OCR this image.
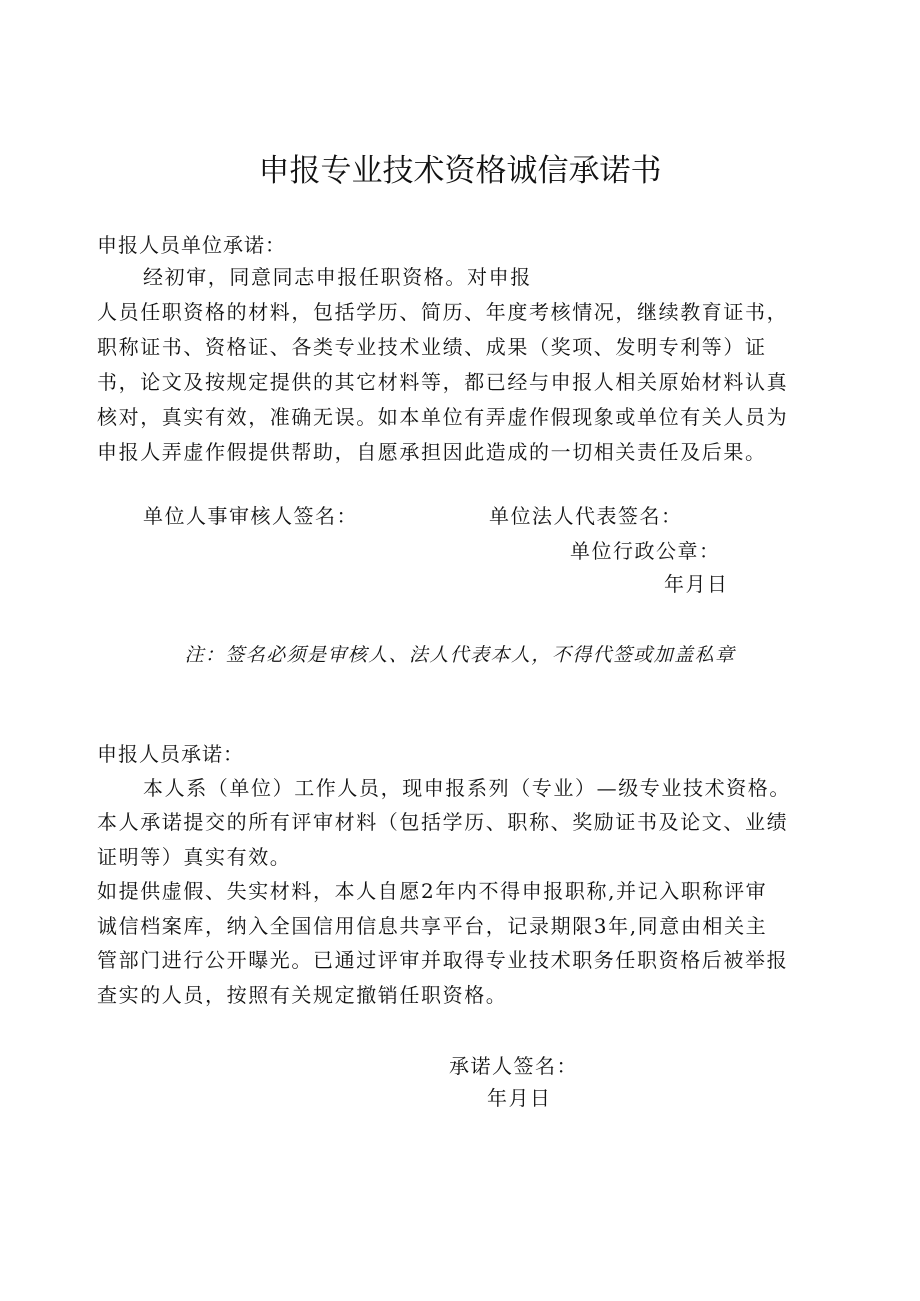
申报专业技术资格诚信承诺书
申报人员单位承诺：
经初审，同意同志申报任职资格。对申报
人员任职资格的材料，包括学历、简历、年度考核情况，继续教育证书，
职称证书、资格证、各类专业技术业绩、成果（奖项、发明专利等）证
书，论文及按规定提供的其它材料等，都已经与申报人相关原始材料认真
核对，真实有效，准确无误。如本单位有弄虚作假现象或单位有关人员为
申报人弄虚作假提供帮助，自愿承担因此造成的一切相关责任及后果。
单位人事审核人签名：	单位法人代表签名：
单位行政公章：
年月日
注：签名必须是审核人、法人代表本人，不得代签或加盖私章
申报人员承诺：
本人系（单位）工作人员，现申报系列（专业）—级专业技术资格。
本人承诺提交的所有评审材料（包括学历、职称、奖励证书及论文、业绩
证明等）真实有效。
如提供虚假、失实材料，本人自愿2年内不得申报职称,并记入职称评审
诚信档案库，纳入全国信用信息共享平台，记录期限3年,同意由相关主
管部门进行公开曝光。已通过评审并取得专业技术职务任职资格后被举报
查实的人员，按照有关规定撤销任职资格。
承诺人签名：
年月日
